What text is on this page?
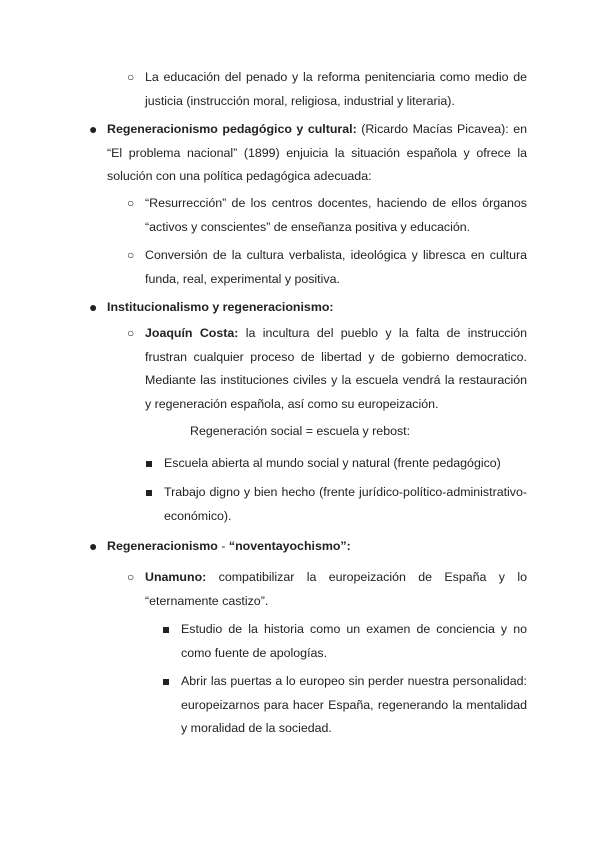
○ La educación del penado y la reforma penitenciaria como medio de justicia (instrucción moral, religiosa, industrial y literaria).
● Regeneracionismo pedagógico y cultural: (Ricardo Macías Picavea): en “El problema nacional” (1899) enjuicia la situación española y ofrece la solución con una política pedagógica adecuada:
○ “Resurrección” de los centros docentes, haciendo de ellos órganos “activos y conscientes” de enseñanza positiva y educación.
○ Conversión de la cultura verbalista, ideológica y libresca en cultura funda, real, experimental y positiva.
● Institucionalismo y regeneracionismo:
○ Joaquín Costa: la incultura del pueblo y la falta de instrucción frustran cualquier proceso de libertad y de gobierno democratico. Mediante las instituciones civiles y la escuela vendrá la restauración y regeneración española, así como su europeización.
Regeneración social = escuela y rebost:
Escuela abierta al mundo social y natural (frente pedagógico)
Trabajo digno y bien hecho (frente jurídico-político-administrativo-económico).
● Regeneracionismo - “noventayochismo”:
○ Unamuno: compatibilizar la europeización de España y lo “eternamente castizo”.
Estudio de la historia como un examen de conciencia y no como fuente de apologías.
Abrir las puertas a lo europeo sin perder nuestra personalidad: europeizarnos para hacer España, regenerando la mentalidad y moralidad de la sociedad.
